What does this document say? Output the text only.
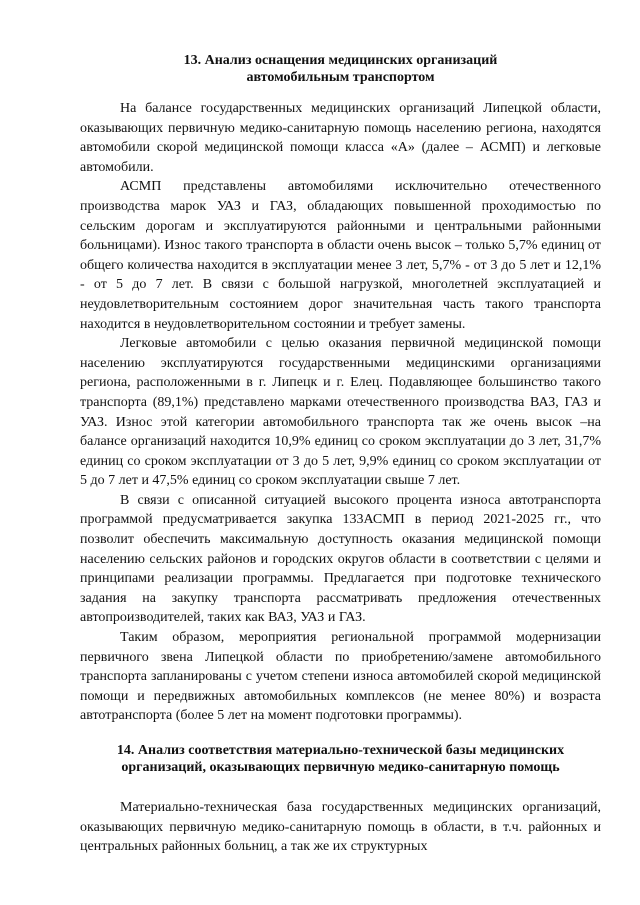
13. Анализ оснащения медицинских организаций
автомобильным транспортом

На балансе государственных медицинских организаций Липецкой области, оказывающих первичную медико-санитарную помощь населению региона, находятся автомобили скорой медицинской помощи класса «А» (далее – АСМП) и легковые автомобили.

АСМП представлены автомобилями исключительно отечественного производства марок УАЗ и ГАЗ, обладающих повышенной проходимостью по сельским дорогам и эксплуатируются районными и центральными районными больницами). Износ такого транспорта в области очень высок – только 5,7% единиц от общего количества находится в эксплуатации менее 3 лет, 5,7% - от 3 до 5 лет и 12,1% - от 5 до 7 лет. В связи с большой нагрузкой, многолетней эксплуатацией и неудовлетворительным состоянием дорог значительная часть такого транспорта находится в неудовлетворительном состоянии и требует замены.

Легковые автомобили с целью оказания первичной медицинской помощи населению эксплуатируются государственными медицинскими организациями региона, расположенными в г. Липецк и г. Елец. Подавляющее большинство такого транспорта (89,1%) представлено марками отечественного производства ВАЗ, ГАЗ и УАЗ. Износ этой категории автомобильного транспорта так же очень высок –на балансе организаций находится 10,9% единиц со сроком эксплуатации до 3 лет, 31,7% единиц со сроком эксплуатации от 3 до 5 лет, 9,9% единиц со сроком эксплуатации от 5 до 7 лет и 47,5% единиц со сроком эксплуатации свыше 7 лет.

В связи с описанной ситуацией высокого процента износа автотранспорта программой предусматривается закупка 133АСМП в период 2021-2025 гг., что позволит обеспечить максимальную доступность оказания медицинской помощи населению сельских районов и городских округов области в соответствии с целями и принципами реализации программы. Предлагается при подготовке технического задания на закупку транспорта рассматривать предложения отечественных автопроизводителей, таких как ВАЗ, УАЗ и ГАЗ.

Таким образом, мероприятия региональной программой модернизации первичного звена Липецкой области по приобретению/замене автомобильного транспорта запланированы с учетом степени износа автомобилей скорой медицинской помощи и передвижных автомобильных комплексов (не менее 80%) и возраста автотранспорта (более 5 лет на момент подготовки программы).

14. Анализ соответствия материально-технической базы медицинских
организаций, оказывающих первичную медико-санитарную помощь

Материально-техническая база государственных медицинских организаций, оказывающих первичную медико-санитарную помощь в области, в т.ч. районных и центральных районных больниц, а так же их структурных
